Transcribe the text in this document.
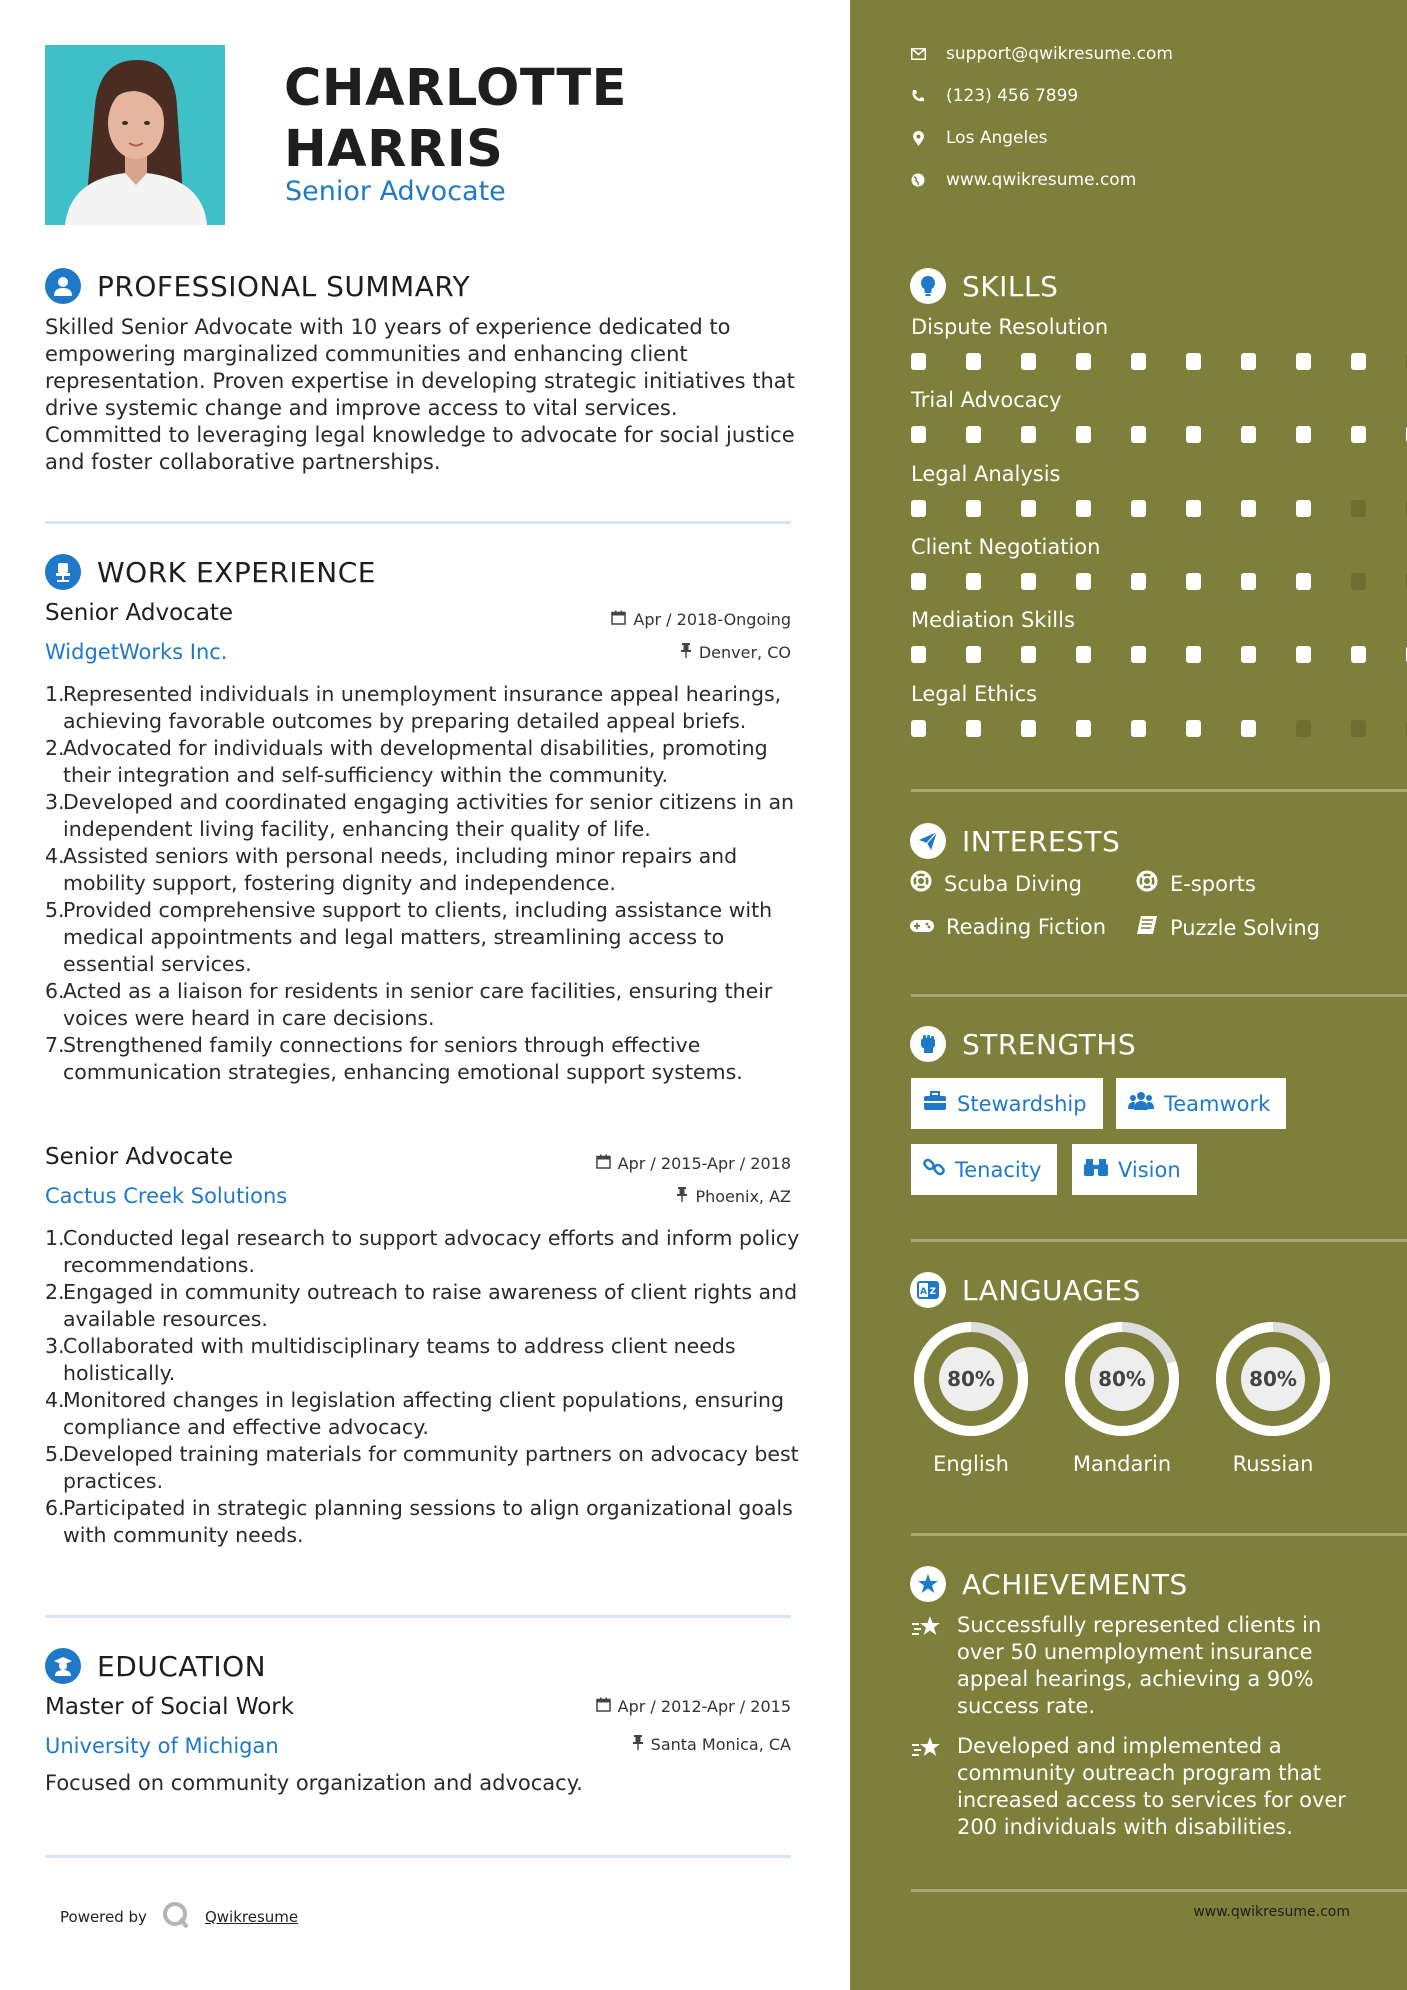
CHARLOTTE
HARRIS
Senior Advocate
PROFESSIONAL SUMMARY
Skilled Senior Advocate with 10 years of experience dedicated to empowering marginalized communities and enhancing client representation. Proven expertise in developing strategic initiatives that drive systemic change and improve access to vital services. Committed to leveraging legal knowledge to advocate for social justice and foster collaborative partnerships.
WORK EXPERIENCE
Senior Advocate
WidgetWorks Inc.
Apr / 2018-Ongoing
Denver, CO
1.
Represented individuals in unemployment insurance appeal hearings, achieving favorable outcomes by preparing detailed appeal briefs.
2.
Advocated for individuals with developmental disabilities, promoting their integration and self-sufficiency within the community.
3.
Developed and coordinated engaging activities for senior citizens in an independent living facility, enhancing their quality of life.
4.
Assisted seniors with personal needs, including minor repairs and mobility support, fostering dignity and independence.
5.
Provided comprehensive support to clients, including assistance with medical appointments and legal matters, streamlining access to essential services.
6.
Acted as a liaison for residents in senior care facilities, ensuring their voices were heard in care decisions.
7.
Strengthened family connections for seniors through effective communication strategies, enhancing emotional support systems.
Senior Advocate
Cactus Creek Solutions
Apr / 2015-Apr / 2018
Phoenix, AZ
1.
Conducted legal research to support advocacy efforts and inform policy recommendations.
2.
Engaged in community outreach to raise awareness of client rights and available resources.
3.
Collaborated with multidisciplinary teams to address client needs holistically.
4.
Monitored changes in legislation affecting client populations, ensuring compliance and effective advocacy.
5.
Developed training materials for community partners on advocacy best practices.
6.
Participated in strategic planning sessions to align organizational goals with community needs.
EDUCATION
Master of Social Work
University of Michigan
Apr / 2012-Apr / 2015
Santa Monica, CA
Focused on community organization and advocacy.
Powered by	Qwikresume
support@qwikresume.com
(123) 456 7899
Los Angeles
www.qwikresume.com
SKILLS
Dispute Resolution
Trial Advocacy
Legal Analysis
Client Negotiation
Mediation Skills
Legal Ethics
INTERESTS
Scuba Diving	E-sports
Reading Fiction	Puzzle Solving
STRENGTHS
Stewardship	Teamwork
Tenacity	Vision
A Z LANGUAGES
80%	80%	80%
English	Mandarin	Russian
ACHIEVEMENTS
Successfully represented clients in over 50 unemployment insurance appeal hearings, achieving a 90% success rate.
Developed and implemented a community outreach program that increased access to services for over 200 individuals with disabilities.
www.qwikresume.com
